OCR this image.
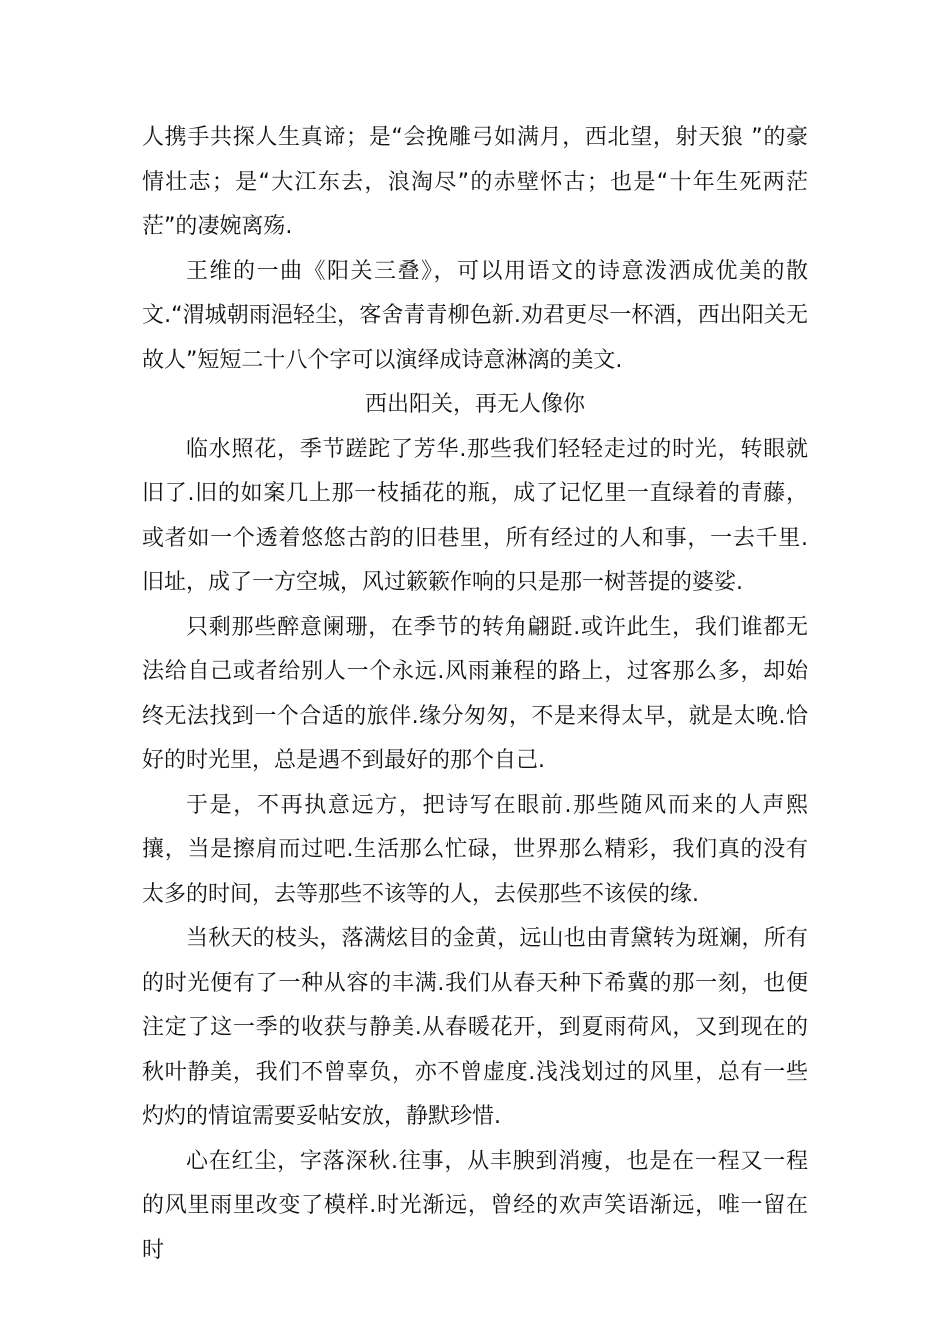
人携手共探人生真谛；是“会挽雕弓如满月，西北望，射天狼 ”的豪情壮志；是“大江东去，浪淘尽”的赤壁怀古；也是“十年生死两茫茫”的凄婉离殇.

王维的一曲《阳关三叠》，可以用语文的诗意泼洒成优美的散文.“渭城朝雨浥轻尘，客舍青青柳色新.劝君更尽一杯酒，西出阳关无故人”短短二十八个字可以演绎成诗意淋漓的美文.

西出阳关，再无人像你

临水照花，季节蹉跎了芳华.那些我们轻轻走过的时光，转眼就旧了.旧的如案几上那一枝插花的瓶，成了记忆里一直绿着的青藤，或者如一个透着悠悠古韵的旧巷里，所有经过的人和事，一去千里.旧址，成了一方空城，风过簌簌作响的只是那一树菩提的婆娑.

只剩那些醉意阑珊，在季节的转角翩跹.或许此生，我们谁都无法给自己或者给别人一个永远.风雨兼程的路上，过客那么多，却始终无法找到一个合适的旅伴.缘分匆匆，不是来得太早，就是太晚.恰好的时光里，总是遇不到最好的那个自己.

于是，不再执意远方，把诗写在眼前.那些随风而来的人声熙攘，当是擦肩而过吧.生活那么忙碌，世界那么精彩，我们真的没有太多的时间，去等那些不该等的人，去侯那些不该侯的缘.

当秋天的枝头，落满炫目的金黄，远山也由青黛转为斑斓，所有的时光便有了一种从容的丰满.我们从春天种下希冀的那一刻，也便注定了这一季的收获与静美.从春暖花开，到夏雨荷风，又到现在的秋叶静美，我们不曾辜负，亦不曾虚度.浅浅划过的风里，总有一些灼灼的情谊需要妥帖安放，静默珍惜.

心在红尘，字落深秋.往事，从丰腴到消瘦，也是在一程又一程的风里雨里改变了模样.时光渐远，曾经的欢声笑语渐远，唯一留在时
